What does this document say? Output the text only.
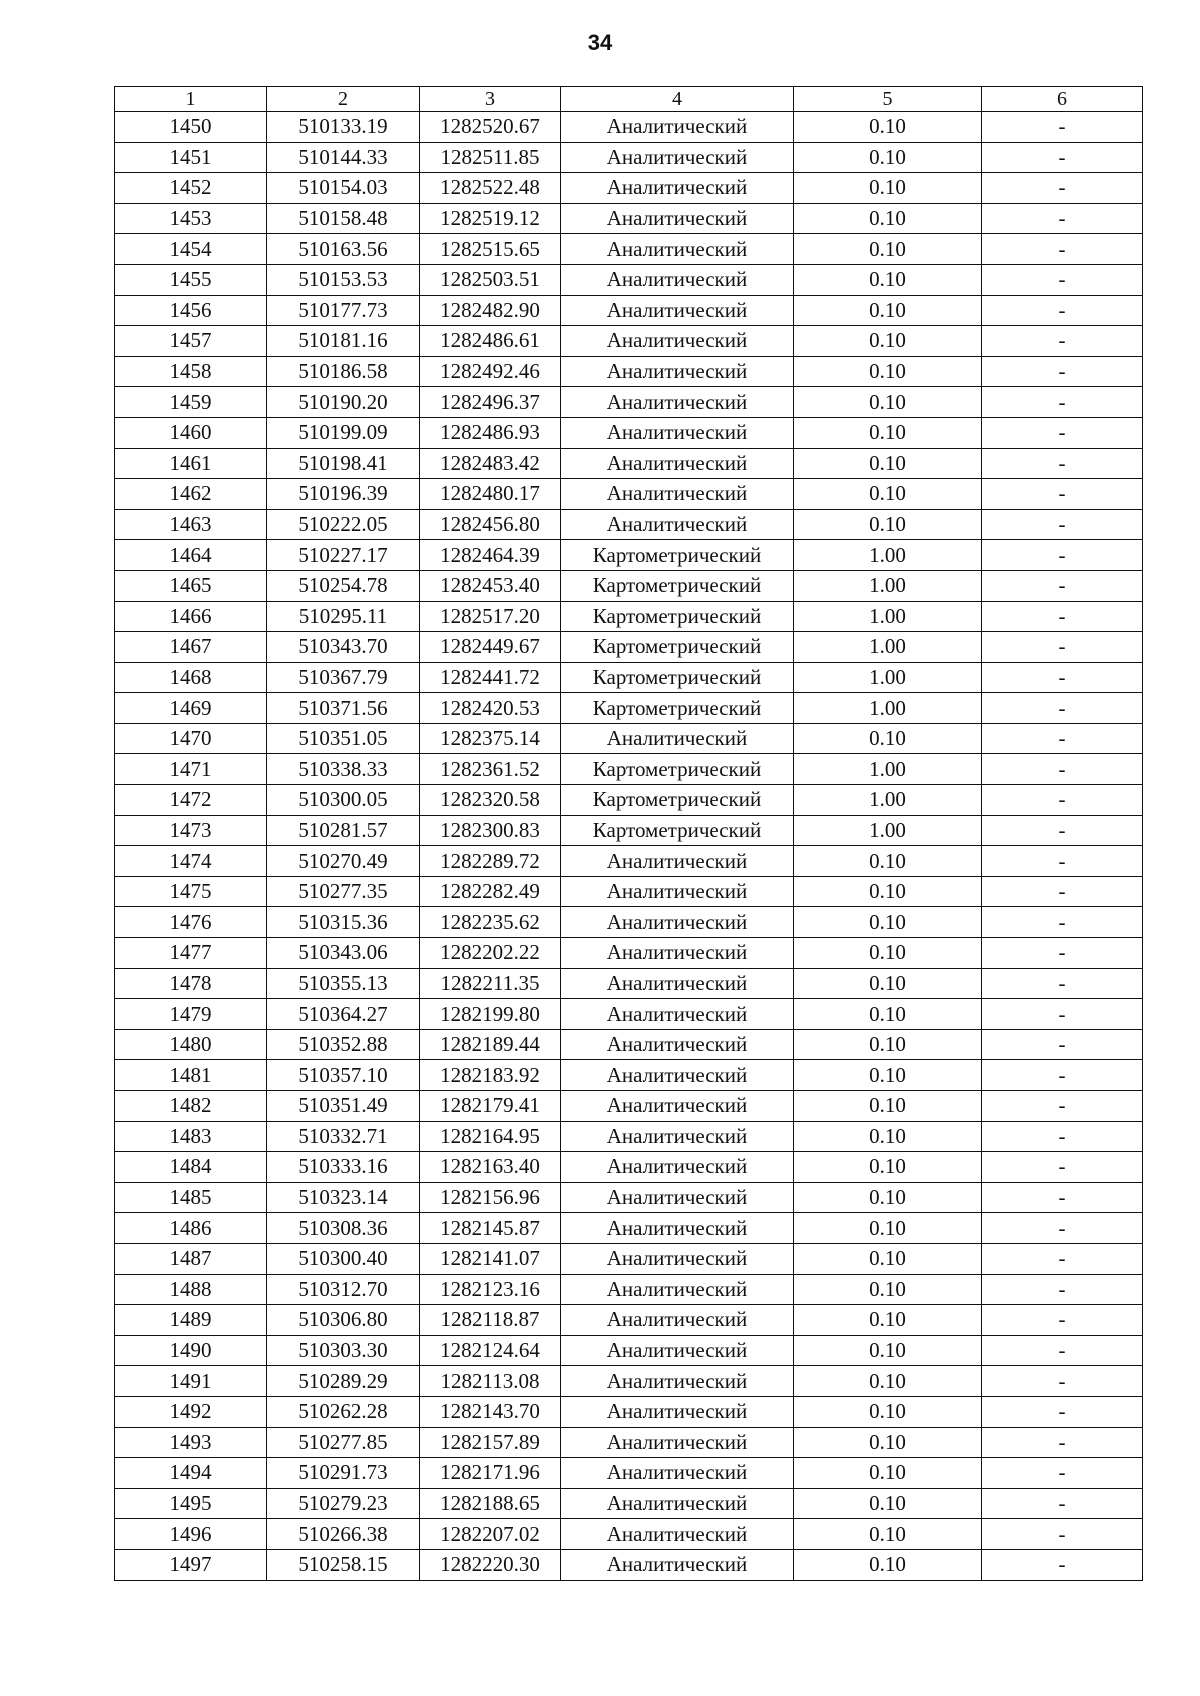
34
1	2	3	4	5	6
1450	510133.19	1282520.67	Аналитический	0.10	-
1451	510144.33	1282511.85	Аналитический	0.10	-
1452	510154.03	1282522.48	Аналитический	0.10	-
1453	510158.48	1282519.12	Аналитический	0.10	-
1454	510163.56	1282515.65	Аналитический	0.10	-
1455	510153.53	1282503.51	Аналитический	0.10	-
1456	510177.73	1282482.90	Аналитический	0.10	-
1457	510181.16	1282486.61	Аналитический	0.10	-
1458	510186.58	1282492.46	Аналитический	0.10	-
1459	510190.20	1282496.37	Аналитический	0.10	-
1460	510199.09	1282486.93	Аналитический	0.10	-
1461	510198.41	1282483.42	Аналитический	0.10	-
1462	510196.39	1282480.17	Аналитический	0.10	-
1463	510222.05	1282456.80	Аналитический	0.10	-
1464	510227.17	1282464.39	Картометрический	1.00	-
1465	510254.78	1282453.40	Картометрический	1.00	-
1466	510295.11	1282517.20	Картометрический	1.00	-
1467	510343.70	1282449.67	Картометрический	1.00	-
1468	510367.79	1282441.72	Картометрический	1.00	-
1469	510371.56	1282420.53	Картометрический	1.00	-
1470	510351.05	1282375.14	Аналитический	0.10	-
1471	510338.33	1282361.52	Картометрический	1.00	-
1472	510300.05	1282320.58	Картометрический	1.00	-
1473	510281.57	1282300.83	Картометрический	1.00	-
1474	510270.49	1282289.72	Аналитический	0.10	-
1475	510277.35	1282282.49	Аналитический	0.10	-
1476	510315.36	1282235.62	Аналитический	0.10	-
1477	510343.06	1282202.22	Аналитический	0.10	-
1478	510355.13	1282211.35	Аналитический	0.10	-
1479	510364.27	1282199.80	Аналитический	0.10	-
1480	510352.88	1282189.44	Аналитический	0.10	-
1481	510357.10	1282183.92	Аналитический	0.10	-
1482	510351.49	1282179.41	Аналитический	0.10	-
1483	510332.71	1282164.95	Аналитический	0.10	-
1484	510333.16	1282163.40	Аналитический	0.10	-
1485	510323.14	1282156.96	Аналитический	0.10	-
1486	510308.36	1282145.87	Аналитический	0.10	-
1487	510300.40	1282141.07	Аналитический	0.10	-
1488	510312.70	1282123.16	Аналитический	0.10	-
1489	510306.80	1282118.87	Аналитический	0.10	-
1490	510303.30	1282124.64	Аналитический	0.10	-
1491	510289.29	1282113.08	Аналитический	0.10	-
1492	510262.28	1282143.70	Аналитический	0.10	-
1493	510277.85	1282157.89	Аналитический	0.10	-
1494	510291.73	1282171.96	Аналитический	0.10	-
1495	510279.23	1282188.65	Аналитический	0.10	-
1496	510266.38	1282207.02	Аналитический	0.10	-
1497	510258.15	1282220.30	Аналитический	0.10	-
